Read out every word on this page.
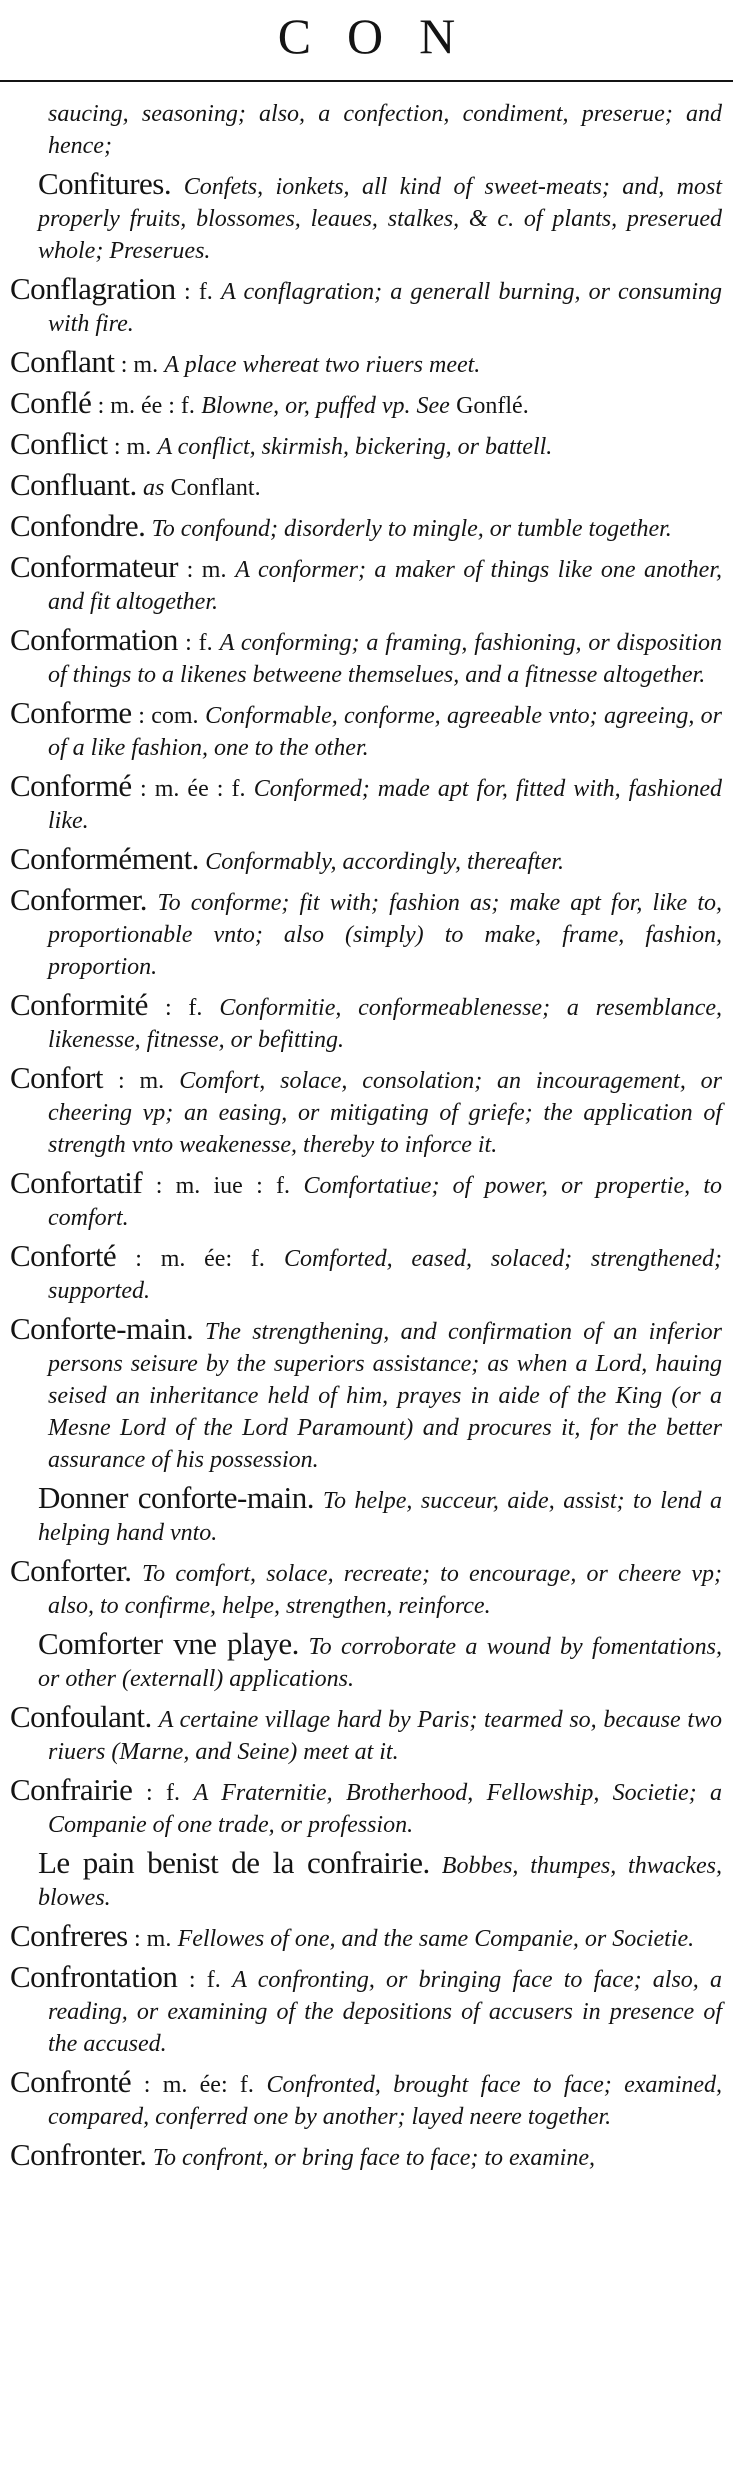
CON

saucing, seasoning; also, a confection, condiment, preserue; and hence;

Confitures. Confets, ionkets, all kind of sweet-meats; and, most properly fruits, blossomes, leaues, stalkes, & c. of plants, preserued whole; Preserues.

Conflagration : f. A conflagration; a generall burning, or consuming with fire.

Conflant : m. A place whereat two riuers meet.

Conflé : m. ée : f. Blowne, or, puffed vp. See Gonflé.

Conflict : m. A conflict, skirmish, bickering, or battell.

Confluant. as Conflant.

Confondre. To confound; disorderly to mingle, or tumble together.

Conformateur : m. A conformer; a maker of things like one another, and fit altogether.

Conformation : f. A conforming; a framing, fashioning, or disposition of things to a likenes betweene themselues, and a fitnesse altogether.

Conforme : com. Conformable, conforme, agreeable vnto; agreeing, or of a like fashion, one to the other.

Conformé : m. ée : f. Conformed; made apt for, fitted with, fashioned like.

Conformément. Conformably, accordingly, thereafter.

Conformer. To conforme; fit with; fashion as; make apt for, like to, proportionable vnto; also (simply) to make, frame, fashion, proportion.

Conformité : f. Conformitie, conformeablenesse; a resemblance, likenesse, fitnesse, or befitting.

Confort : m. Comfort, solace, consolation; an incouragement, or cheering vp; an easing, or mitigating of griefe; the application of strength vnto weakenesse, thereby to inforce it.

Confortatif : m. iue : f. Comfortatiue; of power, or propertie, to comfort.

Conforté : m. ée: f. Comforted, eased, solaced; strengthened; supported.

Conforte-main. The strengthening, and confirmation of an inferior persons seisure by the superiors assistance; as when a Lord, hauing seised an inheritance held of him, prayes in aide of the King (or a Mesne Lord of the Lord Paramount) and procures it, for the better assurance of his possession.

Donner conforte-main. To helpe, succeur, aide, assist; to lend a helping hand vnto.

Conforter. To comfort, solace, recreate; to encourage, or cheere vp; also, to confirme, helpe, strengthen, reinforce.

Comforter vne playe. To corroborate a wound by fomentations, or other (externall) applications.

Confoulant. A certaine village hard by Paris; tearmed so, because two riuers (Marne, and Seine) meet at it.

Confrairie : f. A Fraternitie, Brotherhood, Fellowship, Societie; a Companie of one trade, or profession.

Le pain benist de la confrairie. Bobbes, thumpes, thwackes, blowes.

Confreres : m. Fellowes of one, and the same Companie, or Societie.

Confrontation : f. A confronting, or bringing face to face; also, a reading, or examining of the depositions of accusers in presence of the accused.

Confronté : m. ée: f. Confronted, brought face to face; examined, compared, conferred one by another; layed neere together.

Confronter. To confront, or bring face to face; to examine,
